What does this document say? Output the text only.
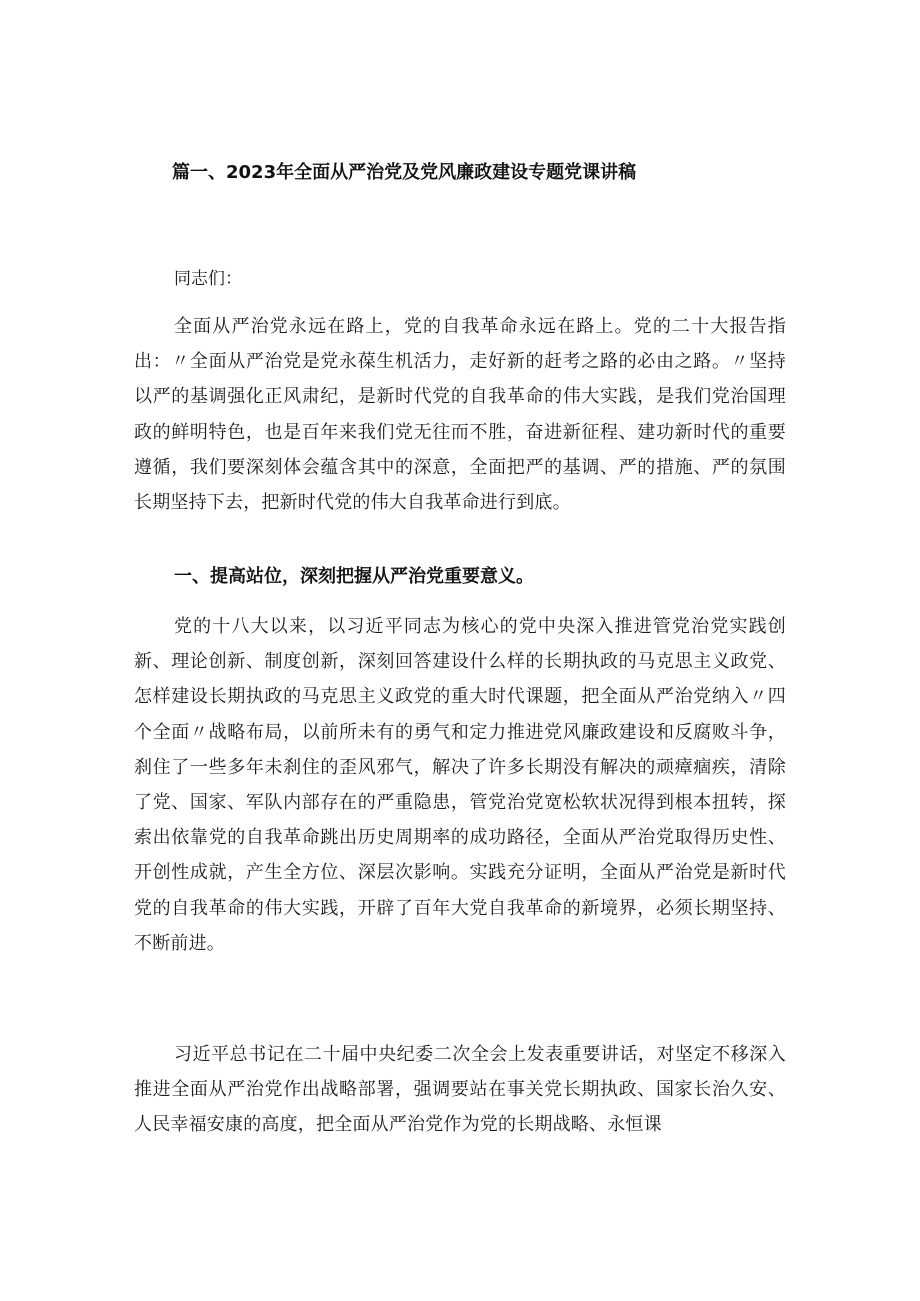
篇一、2023年全面从严治党及党风廉政建设专题党课讲稿
同志们：
全面从严治党永远在路上，党的自我革命永远在路上。党的二十大报告指出：〃全面从严治党是党永葆生机活力，走好新的赶考之路的必由之路。〃坚持以严的基调强化正风肃纪，是新时代党的自我革命的伟大实践，是我们党治国理政的鲜明特色，也是百年来我们党无往而不胜，奋进新征程、建功新时代的重要遵循，我们要深刻体会蕴含其中的深意，全面把严的基调、严的措施、严的氛围长期坚持下去，把新时代党的伟大自我革命进行到底。
一、提高站位，深刻把握从严治党重要意义。
党的十八大以来，以习近平同志为核心的党中央深入推进管党治党实践创新、理论创新、制度创新，深刻回答建设什么样的长期执政的马克思主义政党、怎样建设长期执政的马克思主义政党的重大时代课题，把全面从严治党纳入〃四个全面〃战略布局，以前所未有的勇气和定力推进党风廉政建设和反腐败斗争，刹住了一些多年未刹住的歪风邪气，解决了许多长期没有解决的顽瘴痼疾，清除了党、国家、军队内部存在的严重隐患，管党治党宽松软状况得到根本扭转，探索出依靠党的自我革命跳出历史周期率的成功路径，全面从严治党取得历史性、开创性成就，产生全方位、深层次影响。实践充分证明，全面从严治党是新时代党的自我革命的伟大实践，开辟了百年大党自我革命的新境界，必须长期坚持、不断前进。
习近平总书记在二十届中央纪委二次全会上发表重要讲话，对坚定不移深入推进全面从严治党作出战略部署，强调要站在事关党长期执政、国家长治久安、人民幸福安康的高度，把全面从严治党作为党的长期战略、永恒课
